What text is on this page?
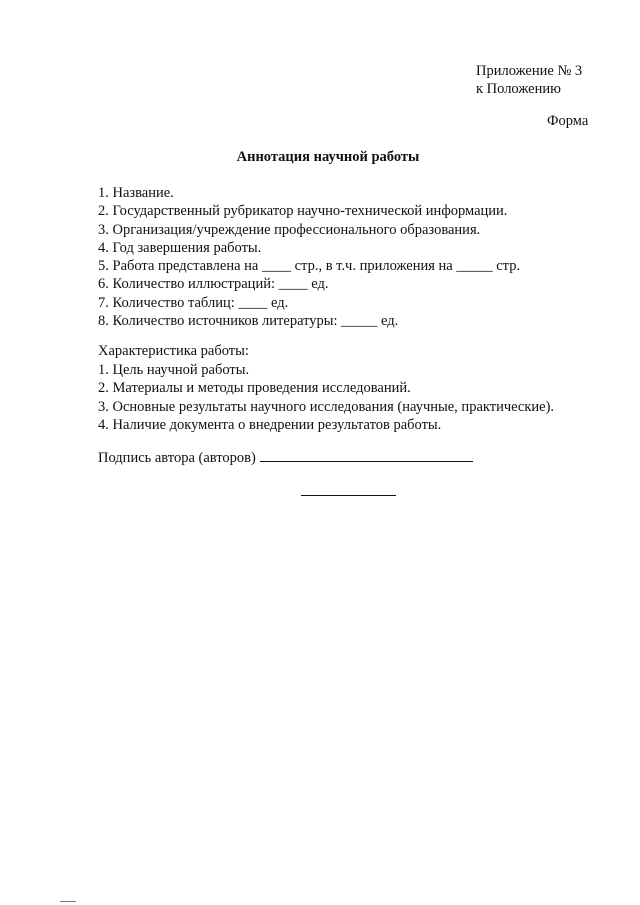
Приложение № 3
к Положению
Форма
Аннотация научной работы
1. Название.
2. Государственный рубрикатор научно-технической информации.
3. Организация/учреждение профессионального образования.
4. Год завершения работы.
5. Работа представлена на ____ стр., в т.ч. приложения на _____ стр.
6. Количество иллюстраций: ____ ед.
7. Количество таблиц: ____ ед.
8. Количество источников литературы: _____ ед.
Характеристика работы:
1. Цель научной работы.
2. Материалы и методы проведения исследований.
3. Основные результаты научного исследования (научные, практические).
4. Наличие документа о внедрении результатов работы.
Подпись автора (авторов)
